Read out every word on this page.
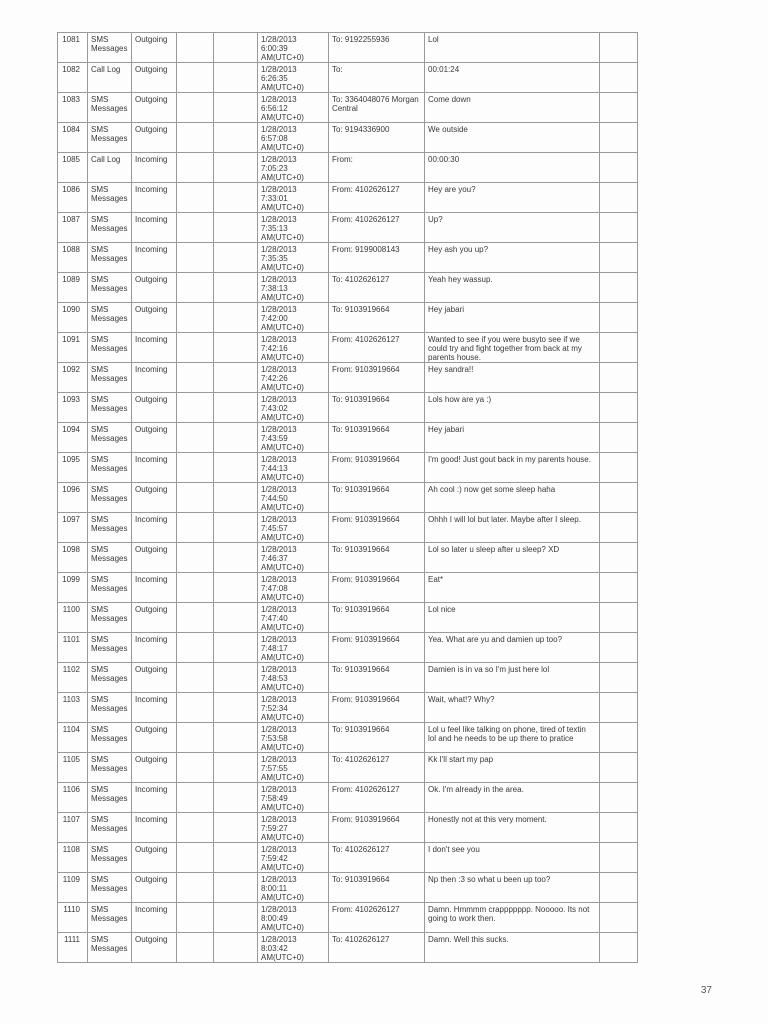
1081	SMS Messages	Outgoing			1/28/2013
6:00:39
AM(UTC+0)	To: 9192255936	Lol	
1082	Call Log	Outgoing			1/28/2013
6:26:35
AM(UTC+0)	To:	00:01:24	
1083	SMS Messages	Outgoing			1/28/2013
6:56:12
AM(UTC+0)	To: 3364048076 Morgan Central	Come down	
1084	SMS Messages	Outgoing			1/28/2013
6:57:08
AM(UTC+0)	To: 9194336900	We outside	
1085	Call Log	Incoming			1/28/2013
7:05:23
AM(UTC+0)	From:	00:00:30	
1086	SMS Messages	Incoming			1/28/2013
7:33:01
AM(UTC+0)	From: 4102626127	Hey are you?	
1087	SMS Messages	Incoming			1/28/2013
7:35:13
AM(UTC+0)	From: 4102626127	Up?	
1088	SMS Messages	Incoming			1/28/2013
7:35:35
AM(UTC+0)	From: 9199008143	Hey ash you up?	
1089	SMS Messages	Outgoing			1/28/2013
7:38:13
AM(UTC+0)	To: 4102626127	Yeah hey wassup.	
1090	SMS Messages	Outgoing			1/28/2013
7:42:00
AM(UTC+0)	To: 9103919664	Hey jabari	
1091	SMS Messages	Incoming			1/28/2013
7:42:16
AM(UTC+0)	From: 4102626127	Wanted to see if you were busyto see if we could try and fight together from back at my parents house.	
1092	SMS Messages	Incoming			1/28/2013
7:42:26
AM(UTC+0)	From: 9103919664	Hey sandra!!	
1093	SMS Messages	Outgoing			1/28/2013
7:43:02
AM(UTC+0)	To: 9103919664	Lols how are ya :)	
1094	SMS Messages	Outgoing			1/28/2013
7:43:59
AM(UTC+0)	To: 9103919664	Hey jabari	
1095	SMS Messages	Incoming			1/28/2013
7:44:13
AM(UTC+0)	From: 9103919664	I'm good! Just gout back in my parents house.	
1096	SMS Messages	Outgoing			1/28/2013
7:44:50
AM(UTC+0)	To: 9103919664	Ah cool :) now get some sleep haha	
1097	SMS Messages	Incoming			1/28/2013
7:45:57
AM(UTC+0)	From: 9103919664	Ohhh I will lol but later. Maybe after I sleep.	
1098	SMS Messages	Outgoing			1/28/2013
7:46:37
AM(UTC+0)	To: 9103919664	Lol so later u sleep after u sleep? XD	
1099	SMS Messages	Incoming			1/28/2013
7:47:08
AM(UTC+0)	From: 9103919664	Eat*	
1100	SMS Messages	Outgoing			1/28/2013
7:47:40
AM(UTC+0)	To: 9103919664	Lol nice	
1101	SMS Messages	Incoming			1/28/2013
7:48:17
AM(UTC+0)	From: 9103919664	Yea. What are yu and damien up too?	
1102	SMS Messages	Outgoing			1/28/2013
7:48:53
AM(UTC+0)	To: 9103919664	Damien is in va so I'm just here lol	
1103	SMS Messages	Incoming			1/28/2013
7:52:34
AM(UTC+0)	From: 9103919664	Wait, what!? Why?	
1104	SMS Messages	Outgoing			1/28/2013
7:53:58
AM(UTC+0)	To: 9103919664	Lol u feel like talking on phone, tired of textin lol and he needs to be up there to pratice	
1105	SMS Messages	Outgoing			1/28/2013
7:57:55
AM(UTC+0)	To: 4102626127	Kk I'll start my pap	
1106	SMS Messages	Incoming			1/28/2013
7:58:49
AM(UTC+0)	From: 4102626127	Ok. I'm already in the area.	
1107	SMS Messages	Incoming			1/28/2013
7:59:27
AM(UTC+0)	From: 9103919664	Honestly not at this very moment.	
1108	SMS Messages	Outgoing			1/28/2013
7:59:42
AM(UTC+0)	To: 4102626127	I don't see you	
1109	SMS Messages	Outgoing			1/28/2013
8:00:11
AM(UTC+0)	To: 9103919664	Np then :3 so what u been up too?	
1110	SMS Messages	Incoming			1/28/2013
8:00:49
AM(UTC+0)	From: 4102626127	Damn. Hmmmm crappppppp. Nooooo. Its not going to work then.	
1111	SMS Messages	Outgoing			1/28/2013
8:03:42
AM(UTC+0)	To: 4102626127	Damn. Well this sucks.	
37
